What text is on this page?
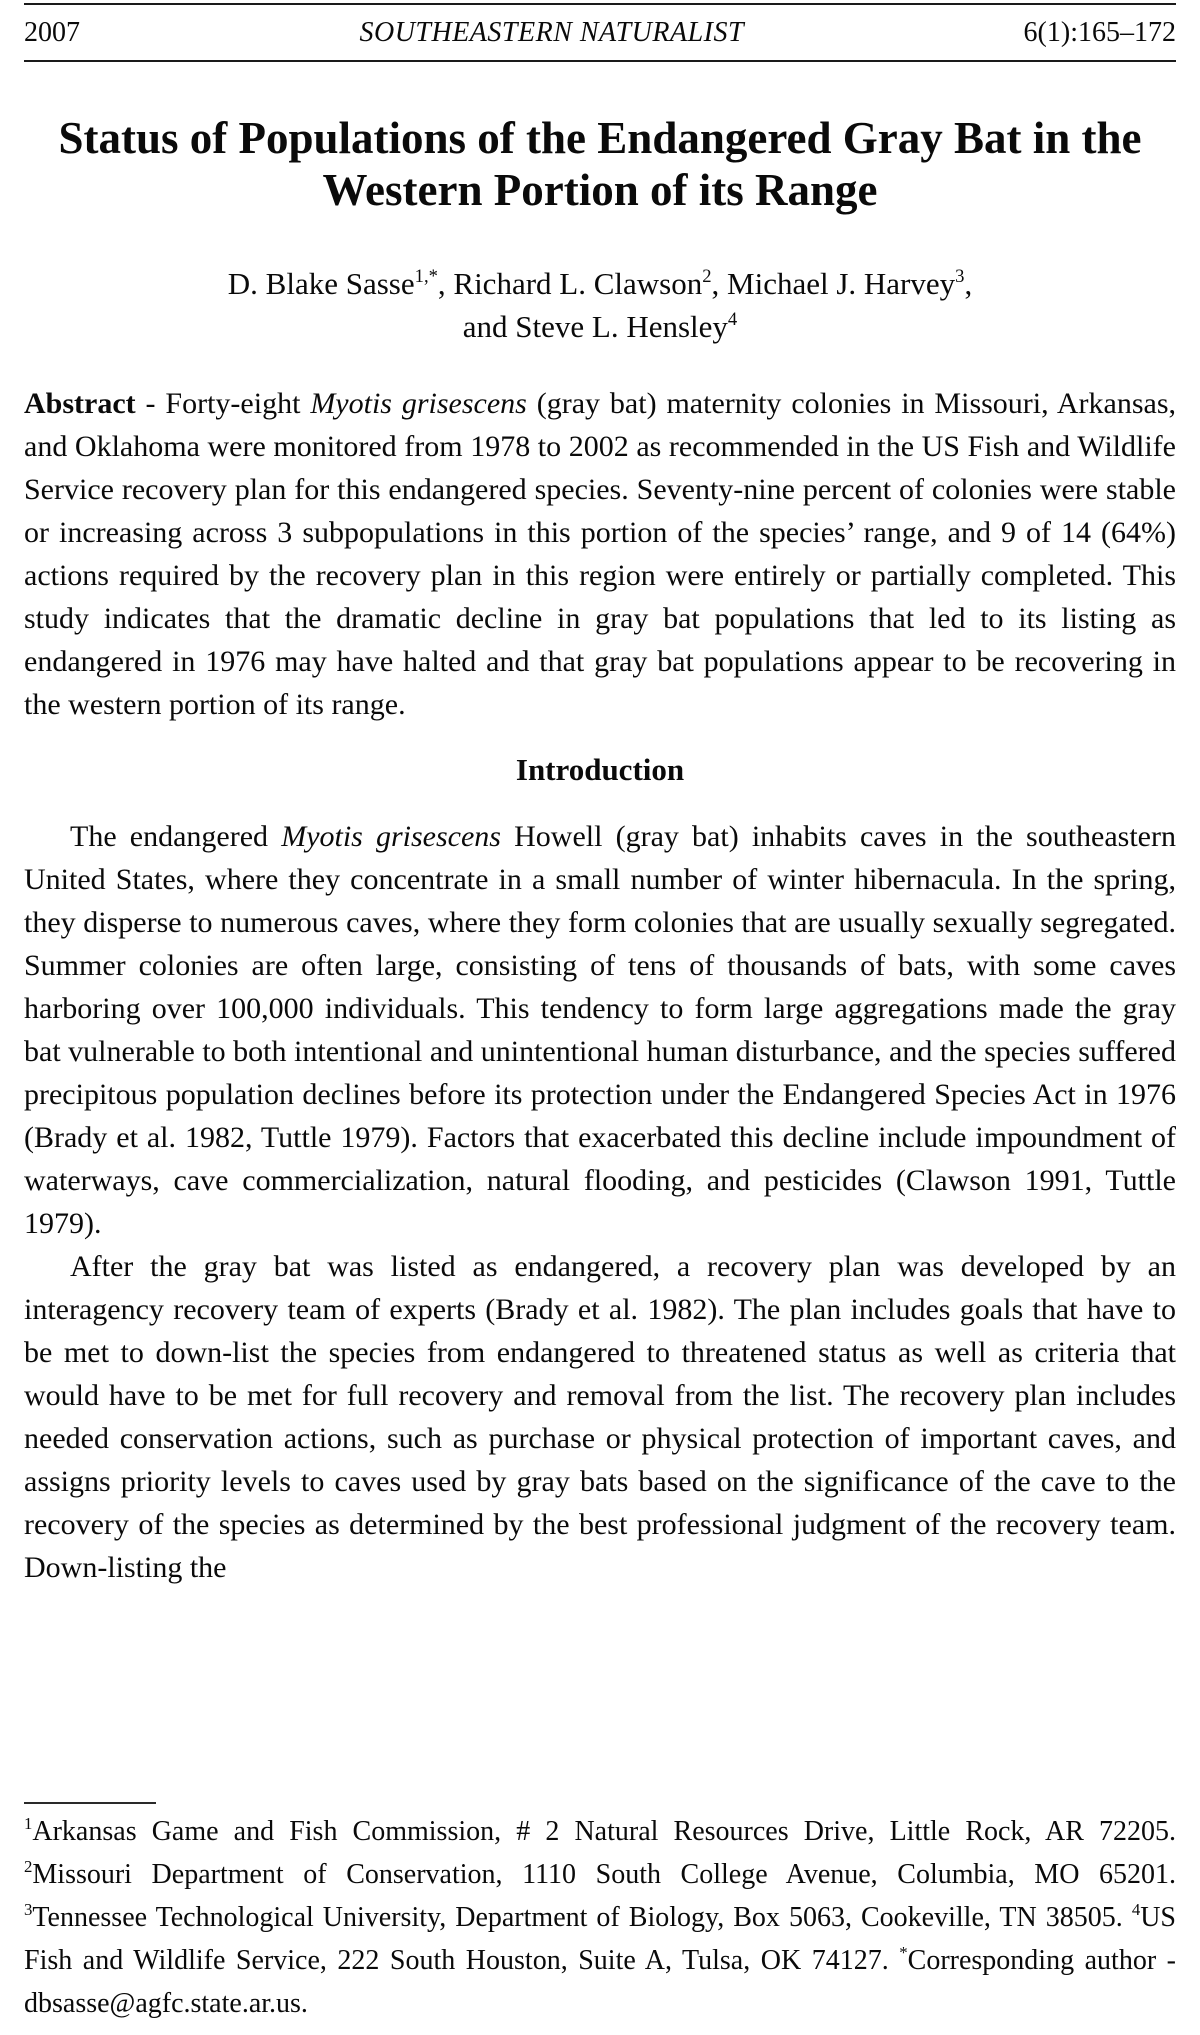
2007	SOUTHEASTERN NATURALIST	6(1):165–172
Status of Populations of the Endangered Gray Bat in the
Western Portion of its Range
D. Blake Sasse$^{1,*}$, Richard L. Clawson$^2$, Michael J. Harvey$^3$,
and Steve L. Hensley$^4$

Abstract - Forty-eight Myotis grisescens (gray bat) maternity colonies in Missouri, Arkansas, and Oklahoma were monitored from 1978 to 2002 as recommended in the US Fish and Wildlife Service recovery plan for this endangered species. Seventy-nine percent of colonies were stable or increasing across 3 subpopulations in this portion of the species’ range, and 9 of 14 (64%) actions required by the recovery plan in this region were entirely or partially completed. This study indicates that the dramatic decline in gray bat populations that led to its listing as endangered in 1976 may have halted and that gray bat populations appear to be recovering in the western portion of its range.

Introduction

The endangered Myotis grisescens Howell (gray bat) inhabits caves in the southeastern United States, where they concentrate in a small number of winter hibernacula. In the spring, they disperse to numerous caves, where they form colonies that are usually sexually segregated. Summer colonies are often large, consisting of tens of thousands of bats, with some caves harboring over 100,000 individuals. This tendency to form large aggregations made the gray bat vulnerable to both intentional and unintentional human disturbance, and the species suffered precipitous population declines before its protection under the Endangered Species Act in 1976 (Brady et al. 1982, Tuttle 1979). Factors that exacerbated this decline include impoundment of waterways, cave commercialization, natural flooding, and pesticides (Clawson 1991, Tuttle 1979).

After the gray bat was listed as endangered, a recovery plan was developed by an interagency recovery team of experts (Brady et al. 1982). The plan includes goals that have to be met to down-list the species from endangered to threatened status as well as criteria that would have to be met for full recovery and removal from the list. The recovery plan includes needed conservation actions, such as purchase or physical protection of important caves, and assigns priority levels to caves used by gray bats based on the significance of the cave to the recovery of the species as determined by the best professional judgment of the recovery team. Down-listing the

$^1$Arkansas Game and Fish Commission, # 2 Natural Resources Drive, Little Rock, AR 72205. $^2$Missouri Department of Conservation, 1110 South College Avenue, Columbia, MO 65201. $^3$Tennessee Technological University, Department of Biology, Box 5063, Cookeville, TN 38505. $^4$US Fish and Wildlife Service, 222 South Houston, Suite A, Tulsa, OK 74127. *Corresponding author - dbsasse@agfc.state.ar.us.
